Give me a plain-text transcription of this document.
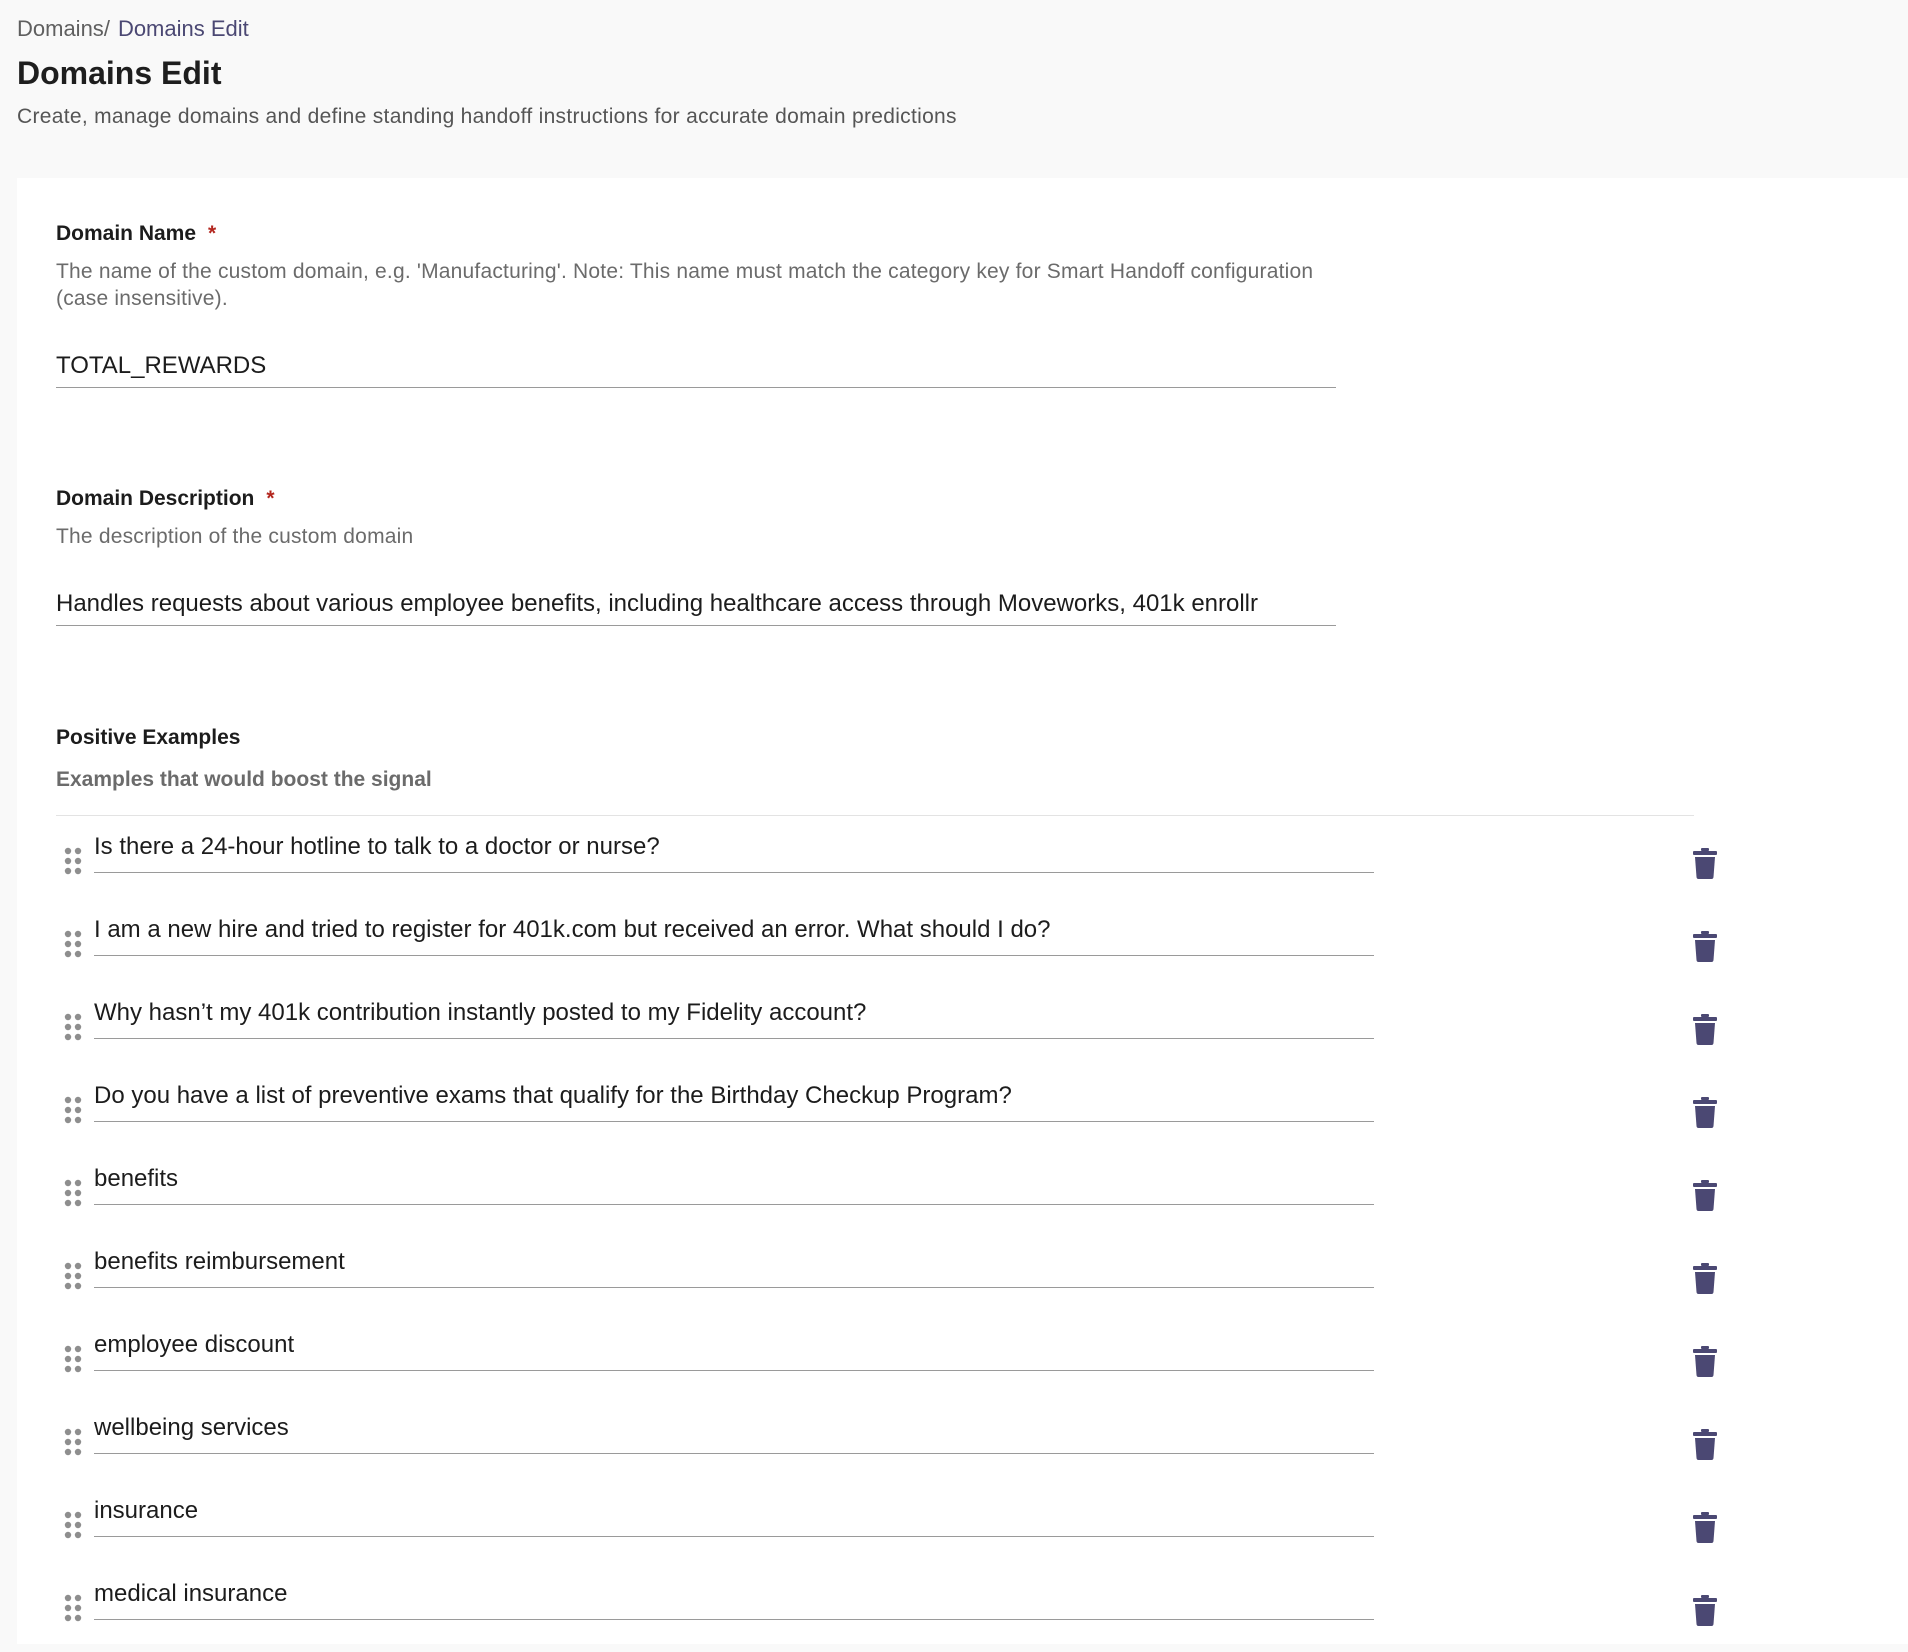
Domains/ Domains Edit
Domains Edit
Create, manage domains and define standing handoff instructions for accurate domain predictions
Domain Name *
The name of the custom domain, e.g. 'Manufacturing'. Note: This name must match the category key for Smart Handoff configuration (case insensitive).
TOTAL_REWARDS
Domain Description *
The description of the custom domain
Handles requests about various employee benefits, including healthcare access through Moveworks, 401k enrollr
Positive Examples
Examples that would boost the signal
Is there a 24-hour hotline to talk to a doctor or nurse?
I am a new hire and tried to register for 401k.com but received an error. What should I do?
Why hasn’t my 401k contribution instantly posted to my Fidelity account?
Do you have a list of preventive exams that qualify for the Birthday Checkup Program?
benefits
benefits reimbursement
employee discount
wellbeing services
insurance
medical insurance
